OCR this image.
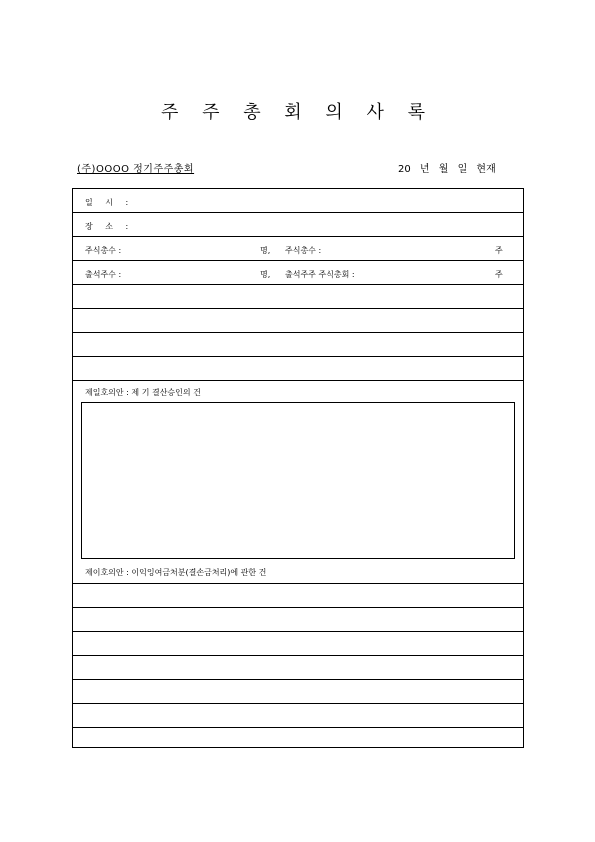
주 주 총 회 의 사 록
(주)OOOO 정기주주총회	20 년 월 일 현재
일 시 :
장 소 :
주식총수 :	명, 주식총수 :	주
출석주수 :	명, 출석주주 주식총회 :	주
제일호의안 : 제 기 결산승인의 건
제이호의안 : 이익잉여금처분(결손금처리)에 관한 건
